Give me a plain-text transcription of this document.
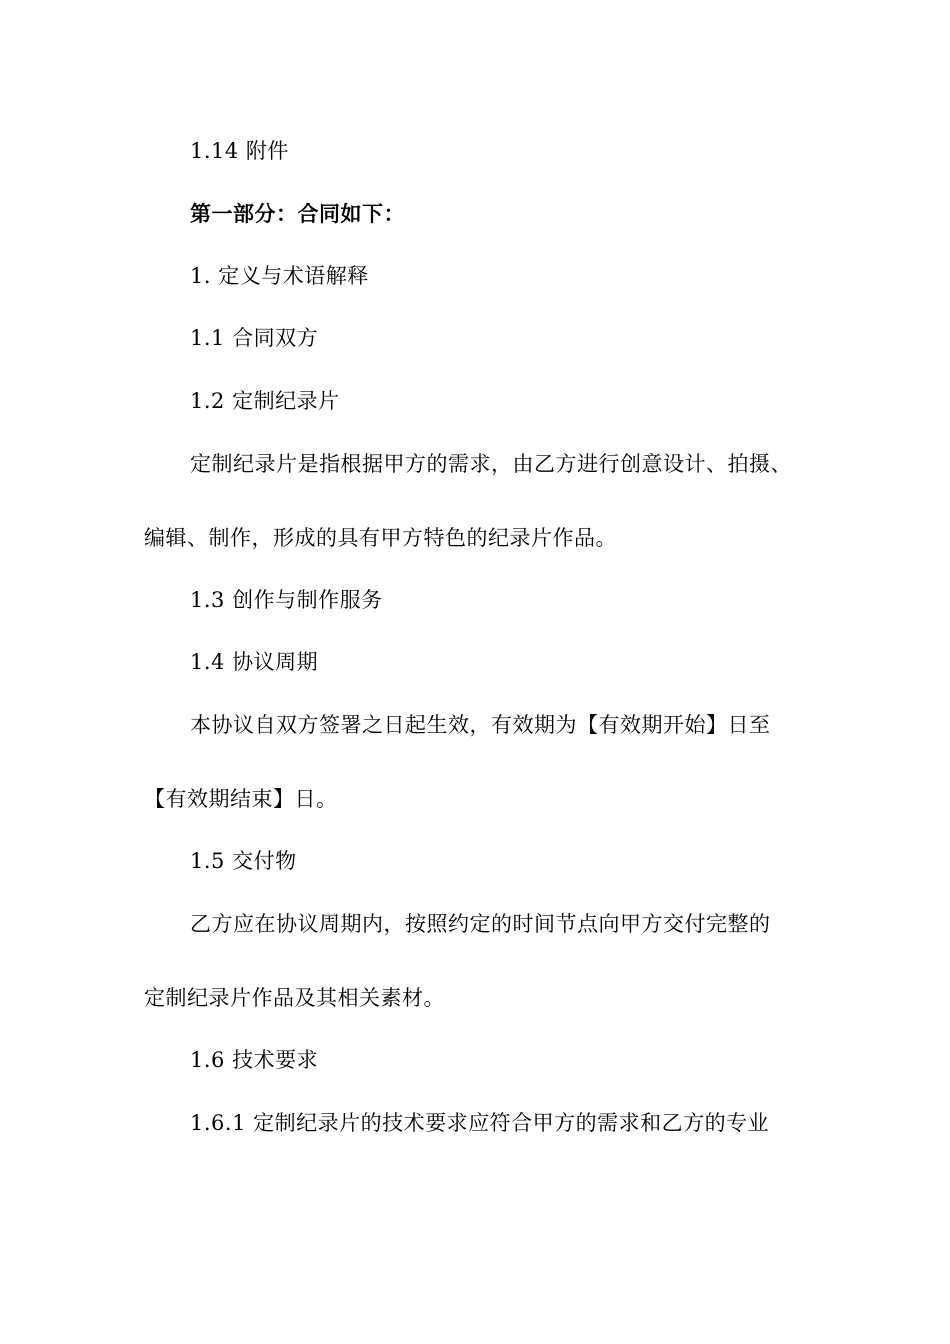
1.14 附件
第一部分：合同如下：
1. 定义与术语解释
1.1 合同双方
1.2 定制纪录片
定制纪录片是指根据甲方的需求，由乙方进行创意设计、拍摄、
编辑、制作，形成的具有甲方特色的纪录片作品。
1.3 创作与制作服务
1.4 协议周期
本协议自双方签署之日起生效，有效期为【有效期开始】日至
【有效期结束】日。
1.5 交付物
乙方应在协议周期内，按照约定的时间节点向甲方交付完整的
定制纪录片作品及其相关素材。
1.6 技术要求
1.6.1 定制纪录片的技术要求应符合甲方的需求和乙方的专业
